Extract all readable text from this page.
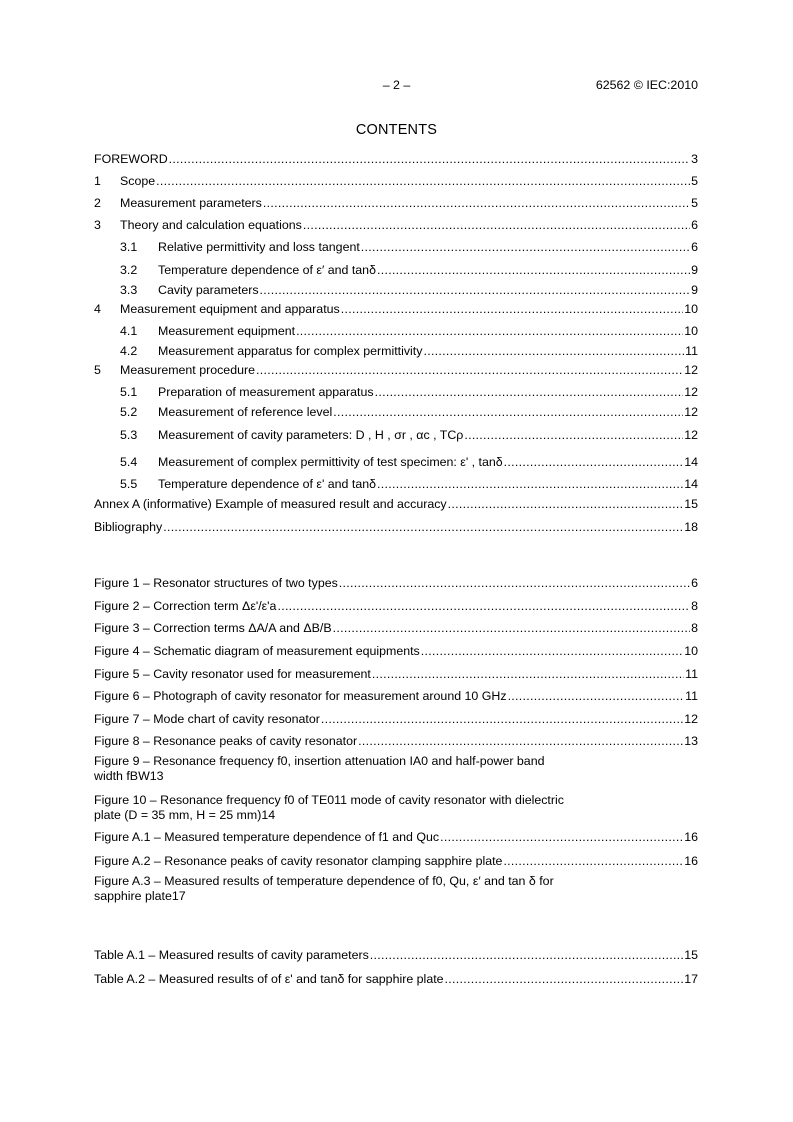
– 2 –	62562 © IEC:2010
CONTENTS
FOREWORD .....	3
1 Scope .....	5
2 Measurement parameters .....	5
3 Theory and calculation equations .....	6
3.1 Relative permittivity and loss tangent .....	6
3.2 Temperature dependence of ε′ and tanδ .....	9
3.3 Cavity parameters .....	9
4 Measurement equipment and apparatus .....	10
4.1 Measurement equipment .....	10
4.2 Measurement apparatus for complex permittivity .....	11
5 Measurement procedure .....	12
5.1 Preparation of measurement apparatus .....	12
5.2 Measurement of reference level .....	12
5.3 Measurement of cavity parameters: D , H , σr , αc , TCρ .....	12
5.4 Measurement of complex permittivity of test specimen: ε' , tanδ .....	14
5.5 Temperature dependence of ε' and tanδ .....	14
Annex A (informative) Example of measured result and accuracy .....	15
Bibliography .....	18
Figure 1 – Resonator structures of two types .....	6
Figure 2 – Correction term Δε'/ε'a .....	8
Figure 3 – Correction terms ΔA/A and ΔB/B .....	8
Figure 4 – Schematic diagram of measurement equipments .....	10
Figure 5 – Cavity resonator used for measurement .....	11
Figure 6 – Photograph of cavity resonator for measurement around 10 GHz .....	11
Figure 7 – Mode chart of cavity resonator .....	12
Figure 8 – Resonance peaks of cavity resonator .....	13
Figure 9 – Resonance frequency f0, insertion attenuation IA0 and half-power band
width fBW 13
Figure 10 – Resonance frequency f0 of TE011 mode of cavity resonator with dielectric
plate (D = 35 mm, H = 25 mm) 14
Figure A.1 – Measured temperature dependence of f1 and Quc .....	16
Figure A.2 – Resonance peaks of cavity resonator clamping sapphire plate .....	16
Figure A.3 – Measured results of temperature dependence of f0, Qu, ε′ and tan δ for
sapphire plate 17
Table A.1 – Measured results of cavity parameters .....	15
Table A.2 – Measured results of of ε' and tanδ for sapphire plate .....	17
